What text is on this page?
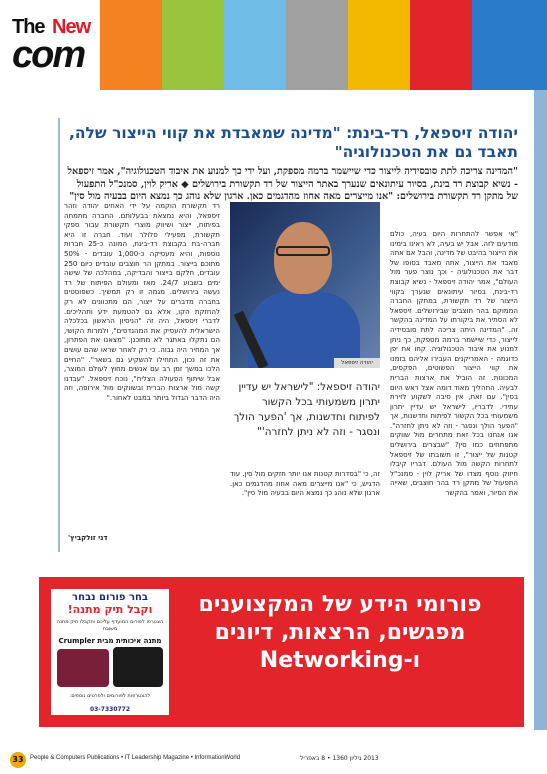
The New
com
יהודה זיספאל, רד-בינת: "מדינה שמאבדת את קווי הייצור שלה, תאבד גם את הטכנולוגיה"
"המדינה צריכה לתת סובסידיה לייצור כדי שיישמר ברמה מספקת, ועל ידי כך למנוע את איבוד הטכנולוגיה", אמר זיספאל - נשיא קבוצת רד בינת, בסיור עיתונאים שנערך באתר הייצור של רד תקשורת בירושלים ◆ אריק לוין, סמנכ"ל התפעול של מתקן רד תקשורת בירושלים: "אנו מייצרים מאה אחוז מהדגמים כאן. ארגון שלא נוהג כך נמצא היום בבעיה מול סין"
"אי אפשר להתחרות היום בעיה, כולם מודעים לזה. אבל יש בעיה, לא ראינו בימינו את הייצור בהיבט של מדינה, והבל אם אתה מאבד את הייצור, אתה מאבד בסופו של דבר את הטכנולוגיה - וכך נוצר פער מול העולם", אמר יהודה זיספאל - נשיא קבוצת רד-בינת, בסיור עיתונאים שנערך בקווי הייצור של רד תקשורת, במתקן החברה הממוקם בהר חוצבים שבירושלים. זיספאל לא הסתיר את ביקורתו על המדינה בהקשר זה. "המדינה היתה צריכה לתת סובסידיה לייצור, כדי שיישמר ברמה מספקת, כך ניתן למנוע את איבוד הטכנולוגיה. קחו את יפן כדוגמה - האמריקנים העבירו אליהם בזמנו את קווי הייצור הפשוטים, הפקסים, המכונות. זה הוביל את ארצות הברית לבעיה. התהליך מאוד דומה אצל ראש היום בסין". עם זאת, אין סיבה לשקוע לזירת עתידי. לדבריו, לישראל יש עדיין יתרון משמעותי בכל הקשור לפיתוח וחדשנות, אך "הפער הולך ונסגר - וזה לא ניתן לחזרה". אנו אנחנו בכל זאת מתחרים מול שווקים מתפתחים כמו סין? "שבצרים בירושלים קטנות של ייצור", זו תשובתו של זיספאל לתחרות הקשה מול העולם. דבריו קיבלו חיזוק נוסף מצדו של אריק לוין - סמנכ"ל התפעול של מתקן רד בהר חוצבים, שאייה את הסיור, ואמר בהקשר
יהודה זיספאל
יהודה זיספאל: "לישראל יש עדיין יתרון משמעותי בכל הקשור לפיתוח וחדשנות, אך 'הפער הולך ונסגר - וזה לא ניתן לחזרה'"
זה, כי "בסדרות קטנות אנו יותר חזקים מול סין. עוד הדגיש, כי "אנו מייצרים מאה אחוז מהדגמים כאן. ארגון שלא נוהג כך נמצא היום בבעיה מול סין".
רד תקשורת הוקמה על ידי האחים יהודה וזהר זיספאל, והיא נמצאת בבעלותם. החברה מתמחה בפיתוח, ייצור ושיווק מוצרי תקשורת עבור ספקי תקשורת, מפעילי סלולר ועוד. חברה זו היא חברה-בת בקבוצת רד-בינת, המונה כ-25 חברות נוספות, והיא מעסיקה כ-1,000 עובדים - 50% מתוכם בייצור. במתקן הר חוצבים עובדים כיום 250 עובדים, חלקם בייצור והבדיקה, במהלכה של שישה ימים בשבוע 24/7. מאז ומעולם הפיתוח של רד נעשה בירושלים. מגמה זו רק תמשיך. כשפוסטים בחברה מדברים על ייצור, הם מתכוונים לא רק להחזקת הקו, אלא גם להטמעת ידע ותהליכים. לדברי זיספאל, היה זה "הניסיון הראשון בכלכלה הישראלית להעסיק את המהנדסים", ולמרות הקושי, הם נתקלו באתגר לא מתוכנן. "מצאנו את הפתרון, אך המחיר היה גבוה. כי רק לאחר שראו שהם עושים את זה נכון, התחילו להשקיע גם בשאר". "החיים הלכו במשך זמן רב עם אנשים מחוץ לעולם המוצר, אבל שיתוף הפעולה הצליח", נוכח זיספאל. "עבדנו קשה מול ארצות הברית ובשווקים מול אירופה, וזה היה הדבר הגדול ביותר במבט לאחור."
דני זולקביץ'
פורומי הידע של המקצוענים
מפגשים, הרצאות, דיונים
ו-Networking
בחר פורום נבחר
וקבל תיק מתנה!
הצטרפו לפורום המועדף עליכם ותקבלו תיק מתנה משובח
מתנה איכותית מבית Crumpler
להצטרפות לפורומים ולפרטים נוספים:
03-7330772
33	People & Computers Publications • IT Leadership Magazine • InformationWorld	2013 גיליון 1360 • 8 באפריל
